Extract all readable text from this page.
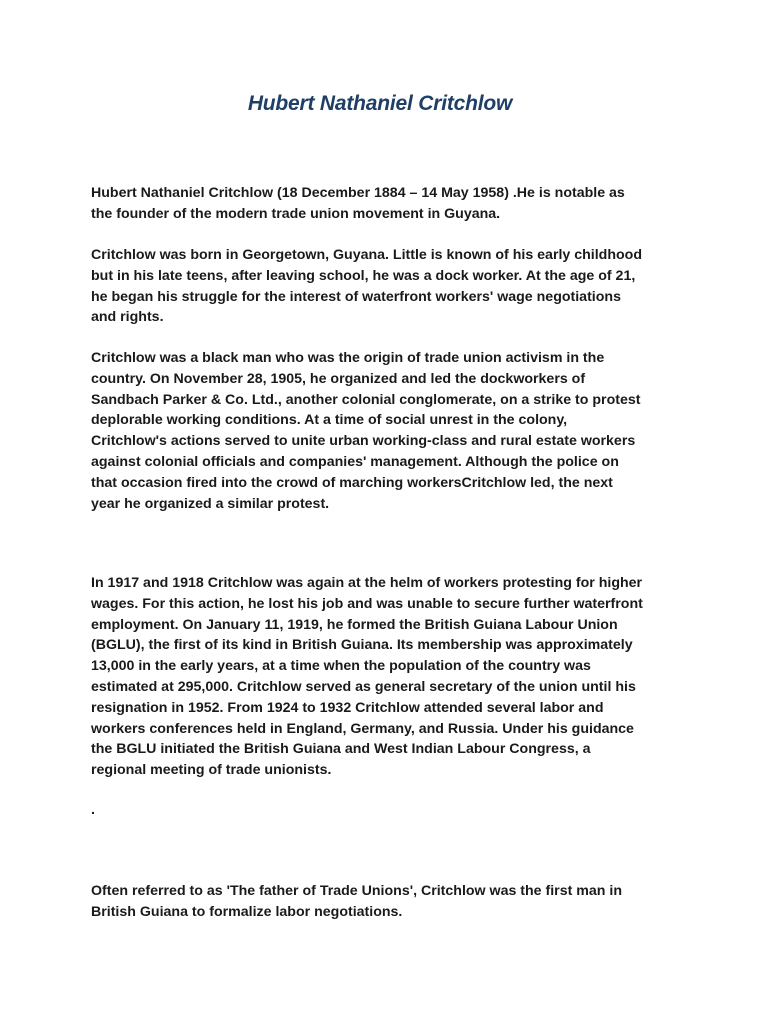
Hubert Nathaniel Critchlow

Hubert Nathaniel Critchlow (18 December 1884 – 14 May 1958) .He is notable as
the founder of the modern trade union movement in Guyana.

Critchlow was born in Georgetown, Guyana. Little is known of his early childhood
but in his late teens, after leaving school, he was a dock worker. At the age of 21,
he began his struggle for the interest of waterfront workers' wage negotiations
and rights.

Critchlow was a black man who was the origin of trade union activism in the
country. On November 28, 1905, he organized and led the dockworkers of
Sandbach Parker & Co. Ltd., another colonial conglomerate, on a strike to protest
deplorable working conditions. At a time of social unrest in the colony,
Critchlow's actions served to unite urban working-class and rural estate workers
against colonial officials and companies' management. Although the police on
that occasion fired into the crowd of marching workersCritchlow led, the next
year he organized a similar protest.

In 1917 and 1918 Critchlow was again at the helm of workers protesting for higher
wages. For this action, he lost his job and was unable to secure further waterfront
employment. On January 11, 1919, he formed the British Guiana Labour Union
(BGLU), the first of its kind in British Guiana. Its membership was approximately
13,000 in the early years, at a time when the population of the country was
estimated at 295,000. Critchlow served as general secretary of the union until his
resignation in 1952. From 1924 to 1932 Critchlow attended several labor and
workers conferences held in England, Germany, and Russia. Under his guidance
the BGLU initiated the British Guiana and West Indian Labour Congress, a
regional meeting of trade unionists.

.

Often referred to as 'The father of Trade Unions', Critchlow was the first man in
British Guiana to formalize labor negotiations.
